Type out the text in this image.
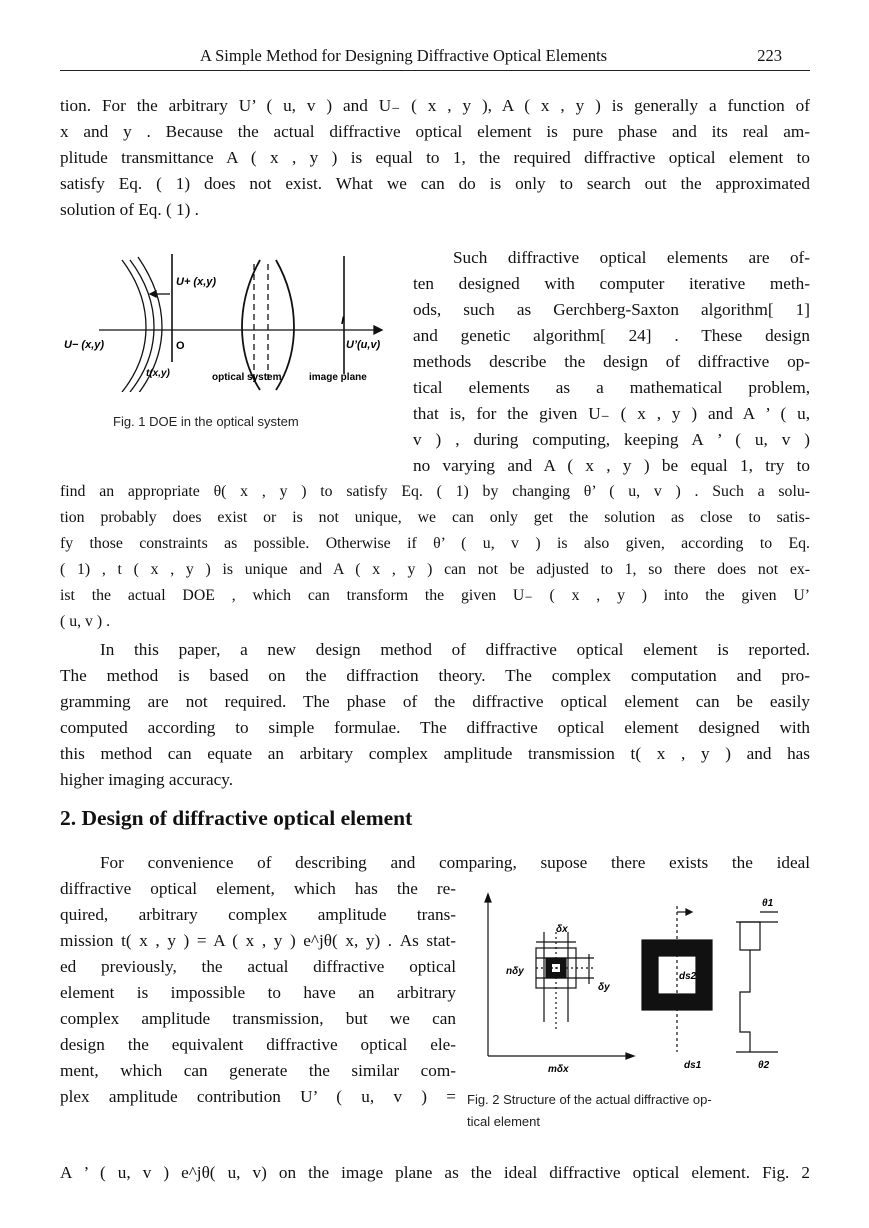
A Simple Method for Designing Diffractive Optical Elements	223
tion. For the arbitrary U’ ( u, v ) and U₋ ( x , y ), A ( x , y ) is generally a function of
x and y . Because the actual diffractive optical element is pure phase and its real am-
plitude transmittance A ( x , y ) is equal to 1, the required diffractive optical element to
satisfy Eq. ( 1) does not exist. What we can do is only to search out the approximated
solution of Eq. ( 1) .
U+ (x,y)
U− (x,y)	O
t(x,y)	optical system	image plane
I
U’(u,v)
Fig. 1 DOE in the optical system
Such diffractive optical elements are of-
ten designed with computer iterative meth-
ods, such as Gerchberg-Saxton algorithm[ 1]
and genetic algorithm[ 24] . These design
methods describe the design of diffractive op-
tical elements as a mathematical problem,
that is, for the given U₋ ( x , y ) and A ’ ( u,
v ) , during computing, keeping A ’ ( u, v )
no varying and A ( x , y ) be equal 1, try to
find an appropriate θ( x , y ) to satisfy Eq. ( 1) by changing θ’ ( u, v ) . Such a solu-
tion probably does exist or is not unique, we can only get the solution as close to satis-
fy those constraints as possible. Otherwise if θ’ ( u, v ) is also given, according to Eq.
( 1) , t ( x , y ) is unique and A ( x , y ) can not be adjusted to 1, so there does not ex-
ist the actual DOE , which can transform the given U₋ ( x , y ) into the given U’
( u, v ) .
In this paper, a new design method of diffractive optical element is reported.
The method is based on the diffraction theory. The complex computation and pro-
gramming are not required. The phase of the diffractive optical element can be easily
computed according to simple formulae. The diffractive optical element designed with
this method can equate an arbitary complex amplitude transmission t( x , y ) and has
higher imaging accuracy.
2. Design of diffractive optical element
For convenience of describing and comparing, supose there exists the ideal
diffractive optical element, which has the re-
quired, arbitrary complex amplitude trans-
mission t( x , y ) = A ( x , y ) e^jθ( x, y) . As stat-
ed previously, the actual diffractive optical
element is impossible to have an arbitrary
complex amplitude transmission, but we can
design the equivalent diffractive optical ele-
ment, which can generate the similar com-
plex amplitude contribution U’ ( u, v ) =
A ’ ( u, v ) e^jθ( u, v) on the image plane as the ideal diffractive optical element. Fig. 2
δx
nδy
δy
mδx
ds2
ds1
θ1
θ2
Fig. 2 Structure of the actual diffractive op-
tical element
